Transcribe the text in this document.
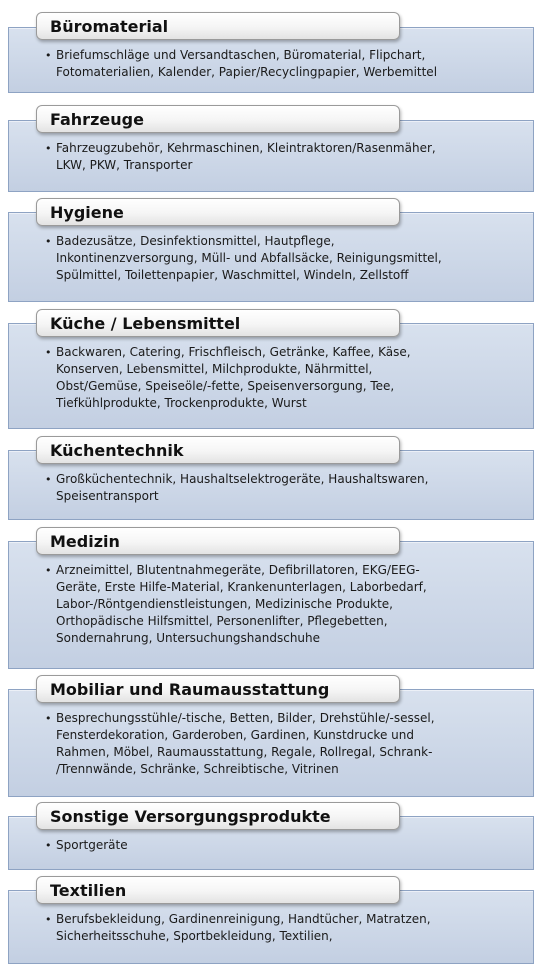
• Briefumschläge und Versandtaschen, Büromaterial, Flipchart,
Fotomaterialien, Kalender, Papier/Recyclingpapier, Werbemittel
Büromaterial
• Fahrzeugzubehör, Kehrmaschinen, Kleintraktoren/Rasenmäher,
LKW, PKW, Transporter
Fahrzeuge
• Badezusätze, Desinfektionsmittel, Hautpflege,
Inkontinenzversorgung, Müll- und Abfallsäcke, Reinigungsmittel,
Spülmittel, Toilettenpapier, Waschmittel, Windeln, Zellstoff
Hygiene
• Backwaren, Catering, Frischfleisch, Getränke, Kaffee, Käse,
Konserven, Lebensmittel, Milchprodukte, Nährmittel,
Obst/Gemüse, Speiseöle/-fette, Speisenversorgung, Tee,
Tiefkühlprodukte, Trockenprodukte, Wurst
Küche / Lebensmittel
• Großküchentechnik, Haushaltselektrogeräte, Haushaltswaren,
Speisentransport
Küchentechnik
• Arzneimittel, Blutentnahmegeräte, Defibrillatoren, EKG/EEG-
Geräte, Erste Hilfe-Material, Krankenunterlagen, Laborbedarf,
Labor-/Röntgendienstleistungen, Medizinische Produkte,
Orthopädische Hilfsmittel, Personenlifter, Pflegebetten,
Sondernahrung, Untersuchungshandschuhe
Medizin
• Besprechungsstühle/-tische, Betten, Bilder, Drehstühle/-sessel,
Fensterdekoration, Garderoben, Gardinen, Kunstdrucke und
Rahmen, Möbel, Raumausstattung, Regale, Rollregal, Schrank-
/Trennwände, Schränke, Schreibtische, Vitrinen
Mobiliar und Raumausstattung
• Sportgeräte
Sonstige Versorgungsprodukte
• Berufsbekleidung, Gardinenreinigung, Handtücher, Matratzen,
Sicherheitsschuhe, Sportbekleidung, Textilien,
Textilien
